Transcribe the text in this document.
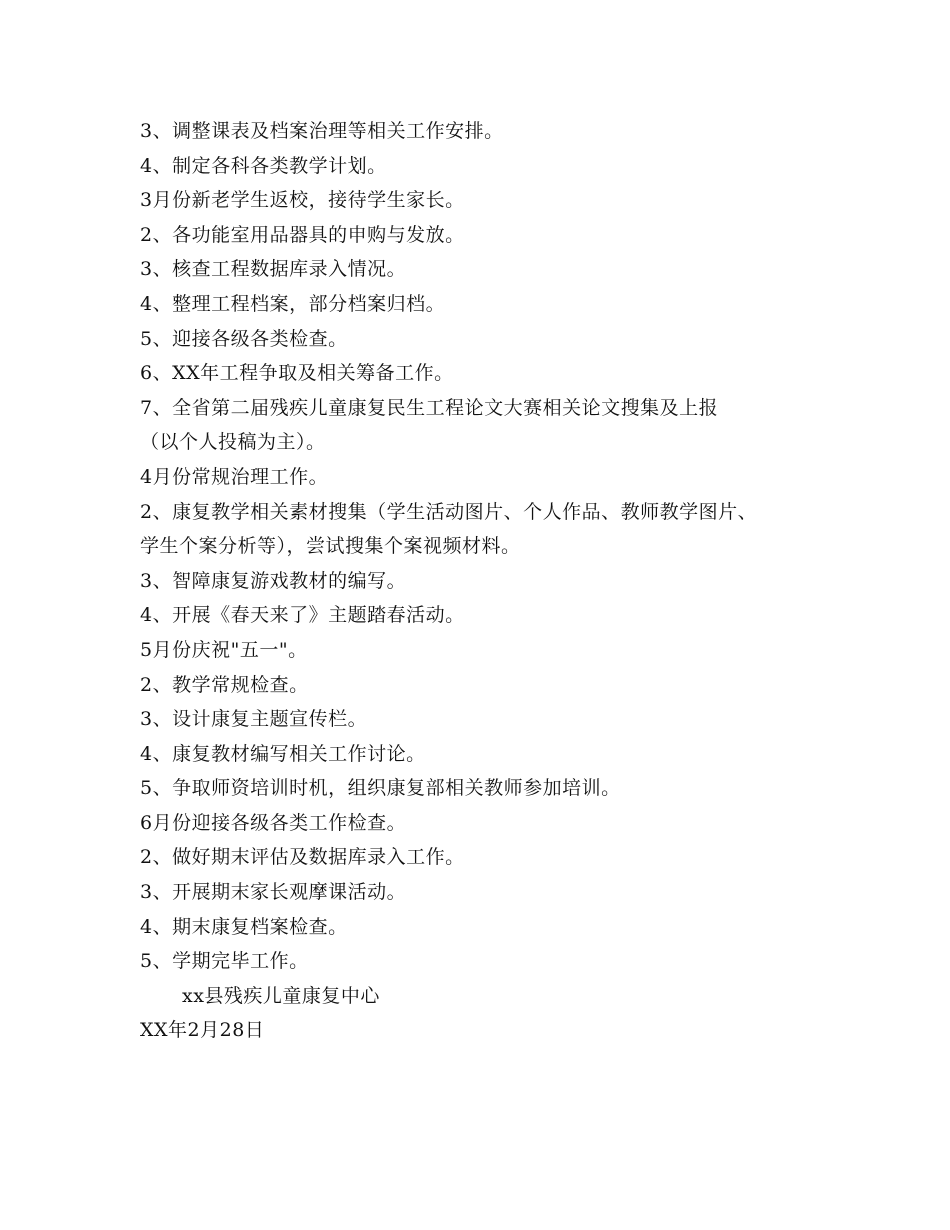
3、调整课表及档案治理等相关工作安排。
4、制定各科各类教学计划。
3月份新老学生返校，接待学生家长。
2、各功能室用品器具的申购与发放。
3、核查工程数据库录入情况。
4、整理工程档案，部分档案归档。
5、迎接各级各类检查。
6、XX年工程争取及相关筹备工作。
7、全省第二届残疾儿童康复民生工程论文大赛相关论文搜集及上报
（以个人投稿为主）。
4月份常规治理工作。
2、康复教学相关素材搜集（学生活动图片、个人作品、教师教学图片、
学生个案分析等），尝试搜集个案视频材料。
3、智障康复游戏教材的编写。
4、开展《春天来了》主题踏春活动。
5月份庆祝"五一"。
2、教学常规检查。
3、设计康复主题宣传栏。
4、康复教材编写相关工作讨论。
5、争取师资培训时机，组织康复部相关教师参加培训。
6月份迎接各级各类工作检查。
2、做好期末评估及数据库录入工作。
3、开展期末家长观摩课活动。
4、期末康复档案检查。
5、学期完毕工作。
xx县残疾儿童康复中心
XX年2月28日
